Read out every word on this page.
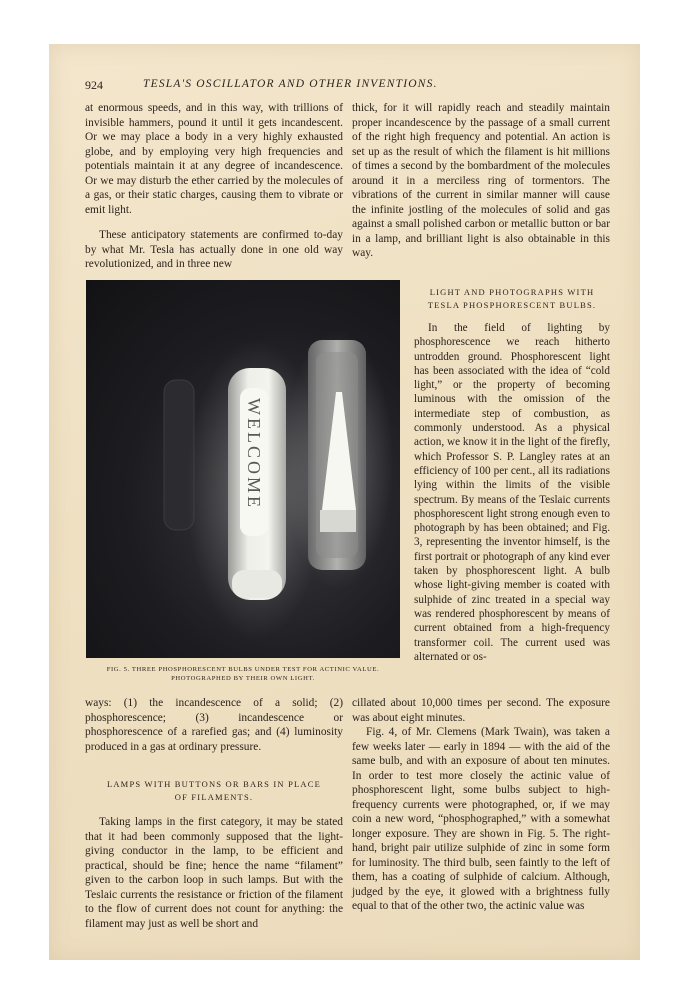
924	TESLA'S OSCILLATOR AND OTHER INVENTIONS.

at enormous speeds, and in this way, with trillions of invisible hammers, pound it until it gets incandescent. Or we may place a body in a very highly exhausted globe, and by employing very high frequencies and potentials maintain it at any degree of incandescence. Or we may disturb the ether carried by the molecules of a gas, or their static charges, causing them to vibrate or emit light.

These anticipatory statements are confirmed to-day by what Mr. Tesla has actually done in one old way revolutionized, and in three new

thick, for it will rapidly reach and steadily maintain proper incandescence by the passage of a small current of the right high frequency and potential. An action is set up as the result of which the filament is hit millions of times a second by the bombardment of the molecules around it in a merciless ring of tormentors. The vibrations of the current in similar manner will cause the infinite jostling of the molecules of solid and gas against a small polished carbon or metallic button or bar in a lamp, and brilliant light is also obtainable in this way.

WELCOME
FIG. 5. THREE PHOSPHORESCENT BULBS UNDER TEST FOR ACTINIC VALUE.
PHOTOGRAPHED BY THEIR OWN LIGHT.

LIGHT AND PHOTOGRAPHS WITH

TESLA PHOSPHORESCENT BULBS.

In the field of lighting by phosphorescence we reach hitherto untrodden ground. Phosphorescent light has been associated with the idea of “cold light,” or the property of becoming luminous with the omission of the intermediate step of combustion, as commonly understood. As a physical action, we know it in the light of the firefly, which Professor S. P. Langley rates at an efficiency of 100 per cent., all its radiations lying within the limits of the visible spectrum. By means of the Teslaic currents phosphorescent light strong enough even to photograph by has been obtained; and Fig. 3, representing the inventor himself, is the first portrait or photograph of any kind ever taken by phosphorescent light. A bulb whose light-giving member is coated with sulphide of zinc treated in a special way was rendered phosphorescent by means of current obtained from a high-frequency transformer coil. The current used was alternated or os-

ways: (1) the incandescence of a solid; (2) phosphorescence; (3) incandescence or phosphorescence of a rarefied gas; and (4) luminosity produced in a gas at ordinary pressure.

LAMPS WITH BUTTONS OR BARS IN PLACE

OF FILAMENTS.

Taking lamps in the first category, it may be stated that it had been commonly supposed that the light-giving conductor in the lamp, to be efficient and practical, should be fine; hence the name “filament” given to the carbon loop in such lamps. But with the Teslaic currents the resistance or friction of the filament to the flow of current does not count for anything: the filament may just as well be short and

cillated about 10,000 times per second. The exposure was about eight minutes.

Fig. 4, of Mr. Clemens (Mark Twain), was taken a few weeks later — early in 1894 — with the aid of the same bulb, and with an exposure of about ten minutes. In order to test more closely the actinic value of phosphorescent light, some bulbs subject to high-frequency currents were photographed, or, if we may coin a new word, “phosphographed,” with a somewhat longer exposure. They are shown in Fig. 5. The right-hand, bright pair utilize sulphide of zinc in some form for luminosity. The third bulb, seen faintly to the left of them, has a coating of sulphide of calcium. Although, judged by the eye, it glowed with a brightness fully equal to that of the other two, the actinic value was
